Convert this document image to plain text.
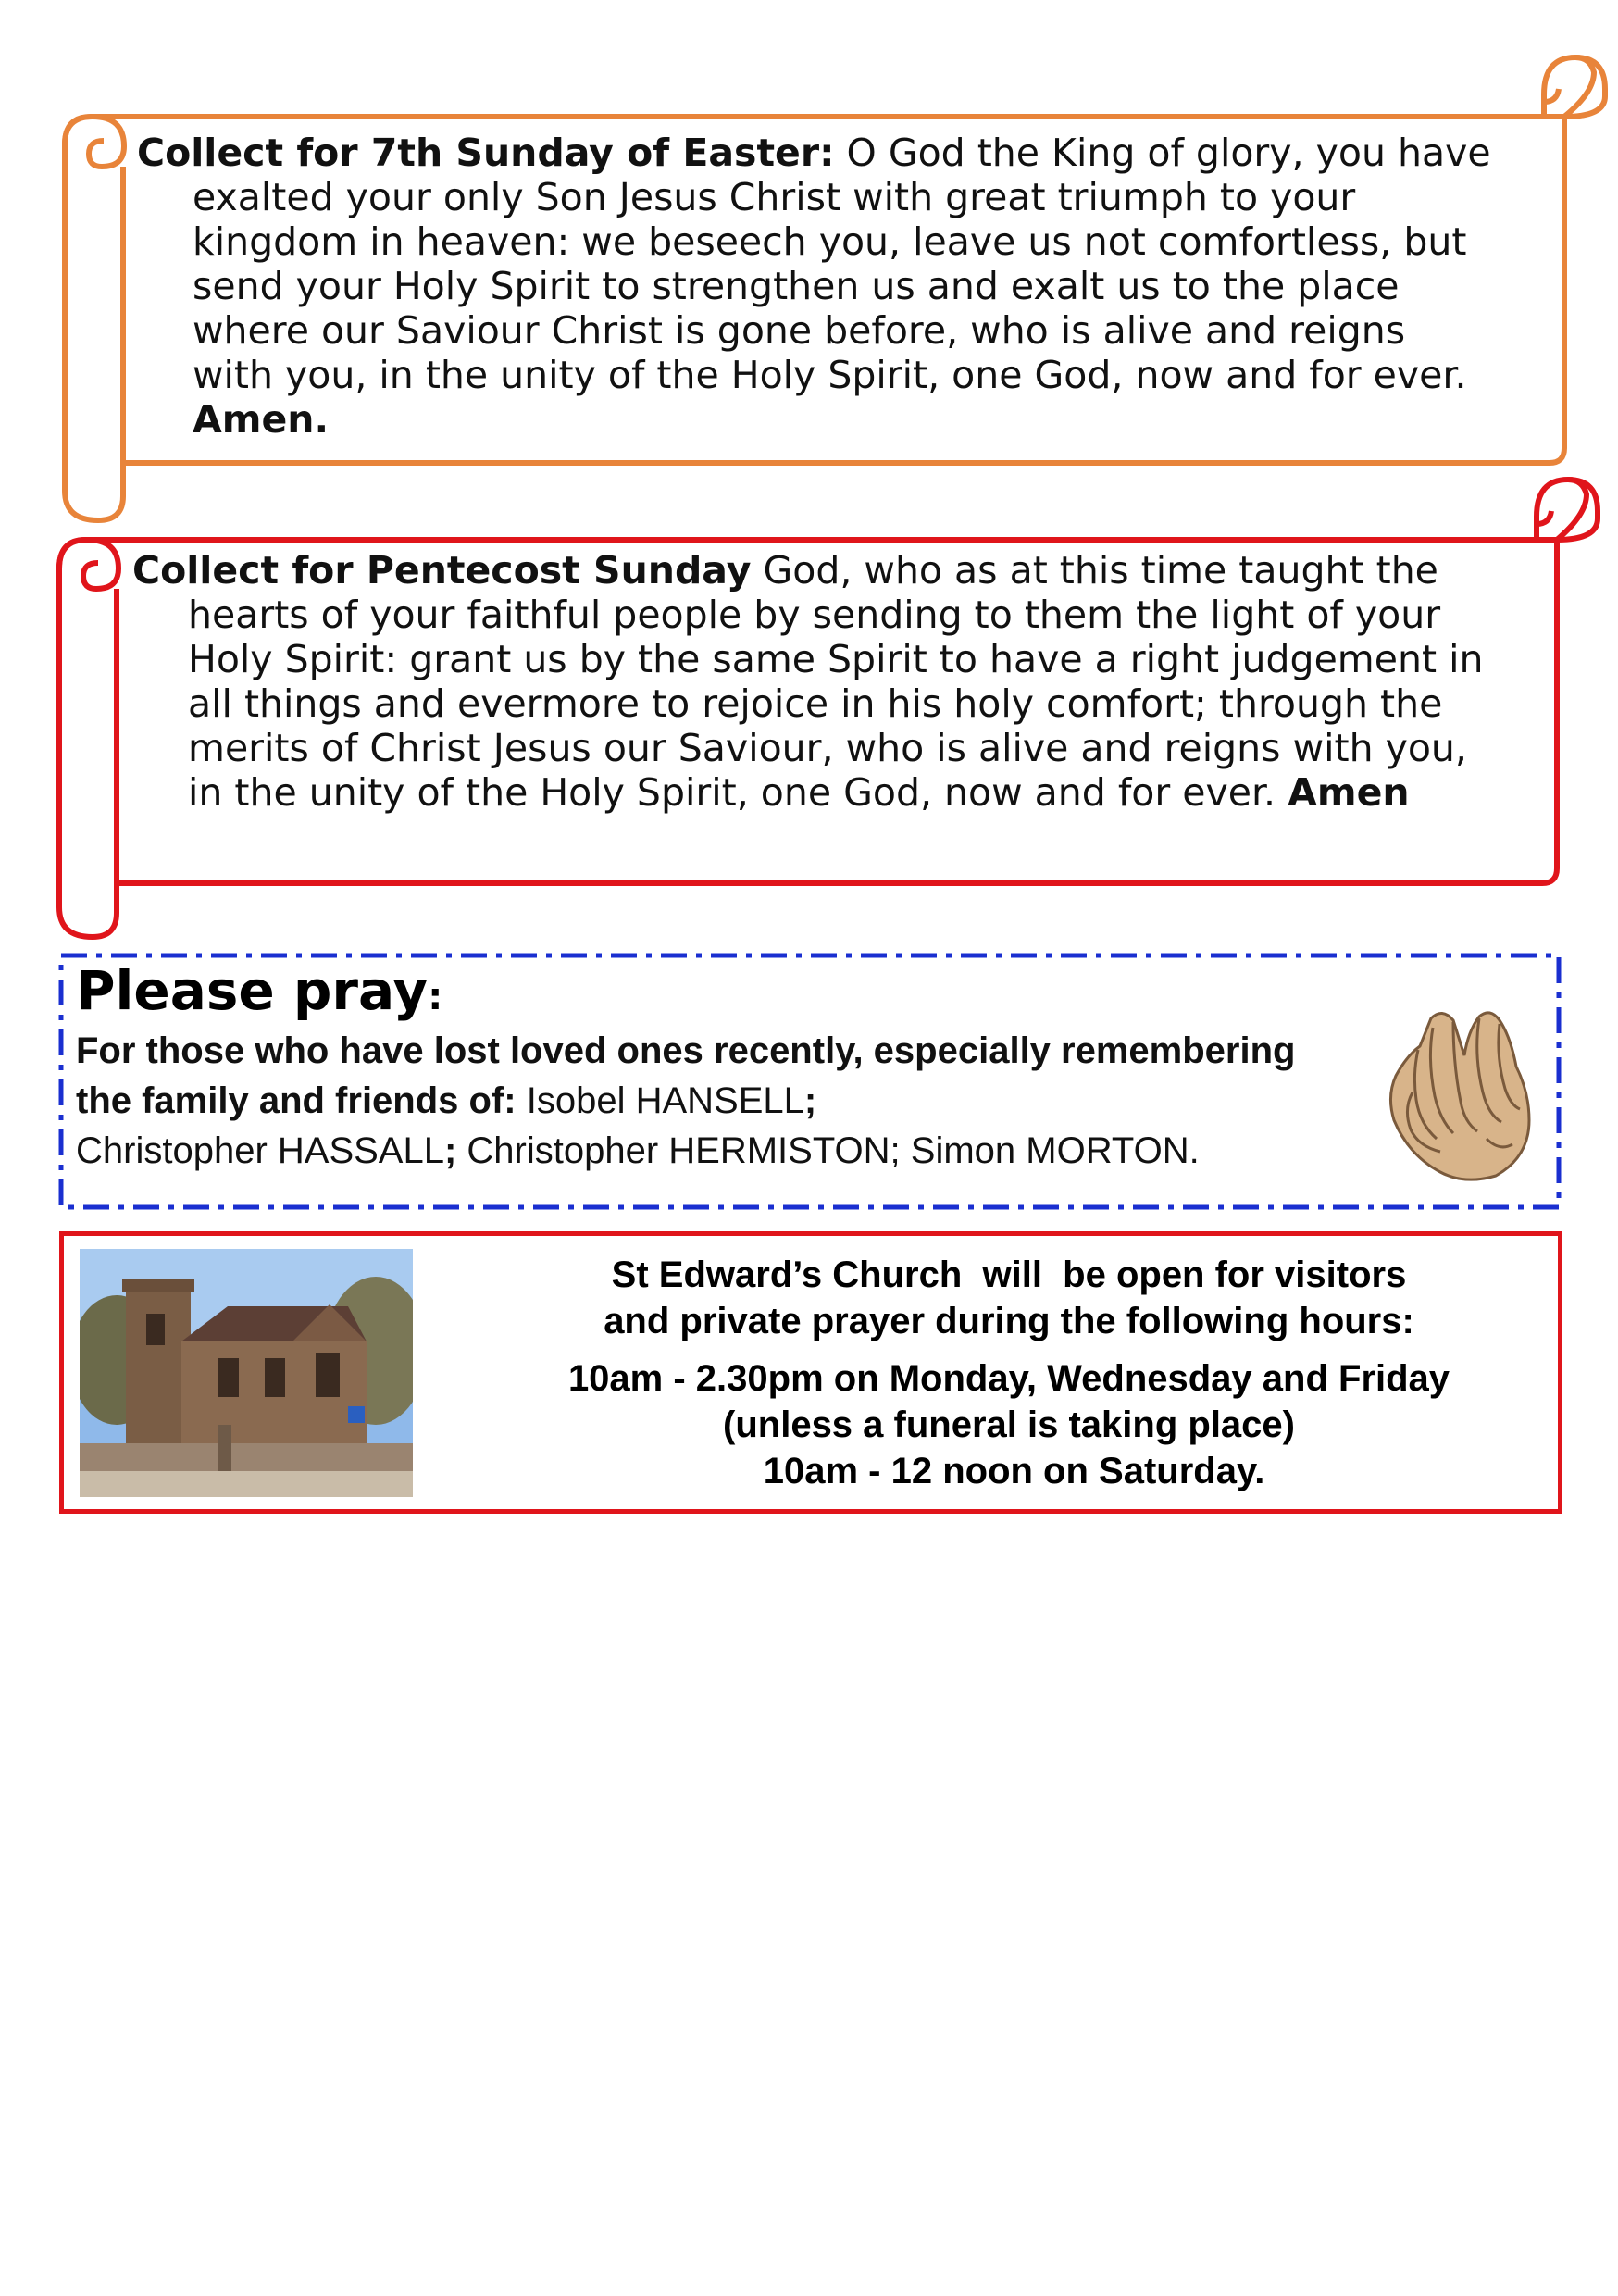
Collect for 7th Sunday of Easter: O God the King of glory, you have exalted your only Son Jesus Christ with great triumph to your kingdom in heaven: we beseech you, leave us not comfortless, but send your Holy Spirit to strengthen us and exalt us to the place where our Saviour Christ is gone before, who is alive and reigns with you, in the unity of the Holy Spirit, one God, now and for ever. Amen.

Collect for Pentecost Sunday God, who as at this time taught the hearts of your faithful people by sending to them the light of your Holy Spirit: grant us by the same Spirit to have a right judgement in all things and evermore to rejoice in his holy comfort; through the merits of Christ Jesus our Saviour, who is alive and reigns with you, in the unity of the Holy Spirit, one God, now and for ever. Amen

Please pray:
For those who have lost loved ones recently, especially remembering the family and friends of: Isobel HANSELL;
Christopher HASSALL; Christopher HERMISTON; Simon MORTON.
St Edward’s Church  will  be open for visitors
and private prayer during the following hours:
10am - 2.30pm on Monday, Wednesday and Friday
(unless a funeral is taking place)
10am - 12 noon on Saturday.
